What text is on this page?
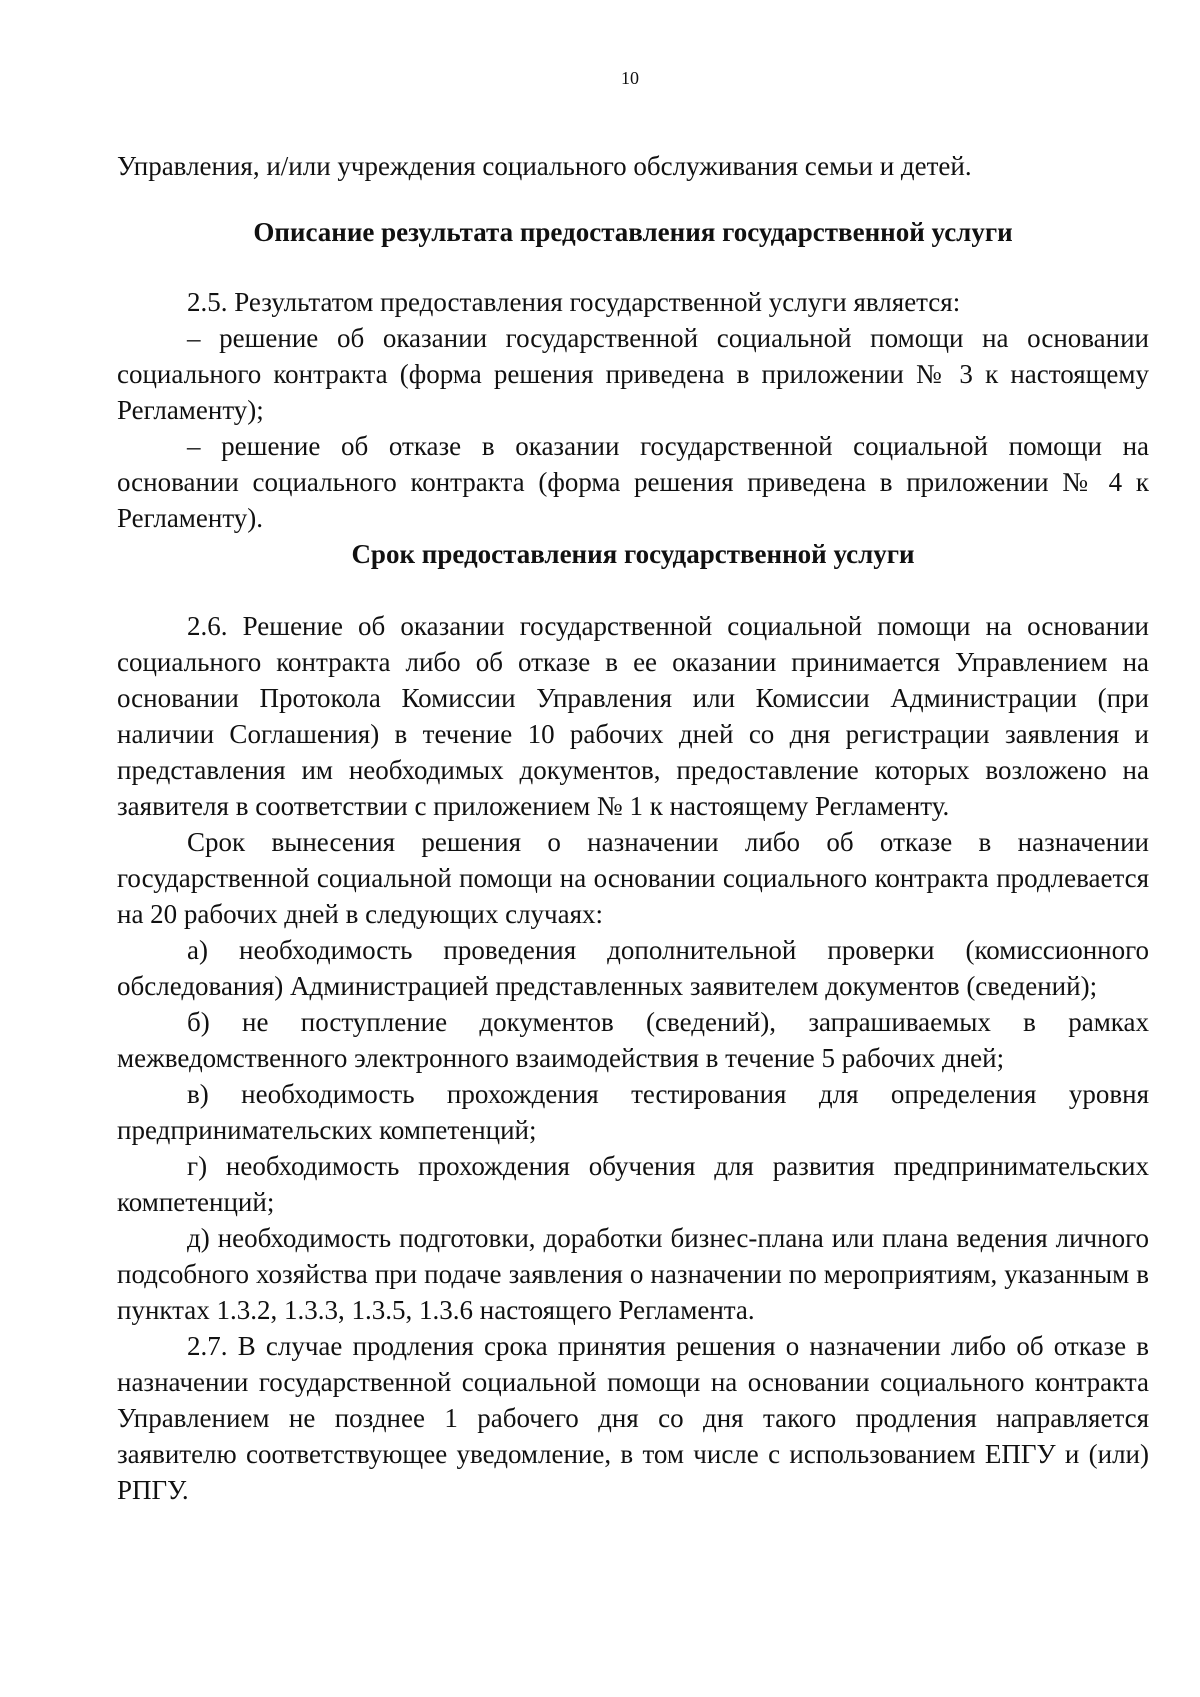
10

Управления, и/или учреждения социального обслуживания семьи и детей.

Описание результата предоставления государственной услуги

2.5. Результатом предоставления государственной услуги является:

– решение об оказании государственной социальной помощи на основании социального контракта (форма решения приведена в приложении № 3 к настоящему Регламенту);

– решение об отказе в оказании государственной социальной помощи на основании социального контракта (форма решения приведена в приложении № 4 к Регламенту).

Срок предоставления государственной услуги

2.6. Решение об оказании государственной социальной помощи на основании социального контракта либо об отказе в ее оказании принимается Управлением на основании Протокола Комиссии Управления или Комиссии Администрации (при наличии Соглашения) в течение 10 рабочих дней со дня регистрации заявления и представления им необходимых документов, предоставление которых возложено на заявителя в соответствии с приложением № 1 к настоящему Регламенту.

Срок вынесения решения о назначении либо об отказе в назначении государственной социальной помощи на основании социального контракта продлевается на 20 рабочих дней в следующих случаях:

а) необходимость проведения дополнительной проверки (комиссионного обследования) Администрацией представленных заявителем документов (сведений);

б) не поступление документов (сведений), запрашиваемых в рамках межведомственного электронного взаимодействия в течение 5 рабочих дней;

в) необходимость прохождения тестирования для определения уровня предпринимательских компетенций;

г) необходимость прохождения обучения для развития предпринимательских компетенций;

д) необходимость подготовки, доработки бизнес-плана или плана ведения личного подсобного хозяйства при подаче заявления о назначении по мероприятиям, указанным в пунктах 1.3.2, 1.3.3, 1.3.5, 1.3.6 настоящего Регламента.

2.7. В случае продления срока принятия решения о назначении либо об отказе в назначении государственной социальной помощи на основании социального контракта Управлением не позднее 1 рабочего дня со дня такого продления направляется заявителю соответствующее уведомление, в том числе с использованием ЕПГУ и (или) РПГУ.
